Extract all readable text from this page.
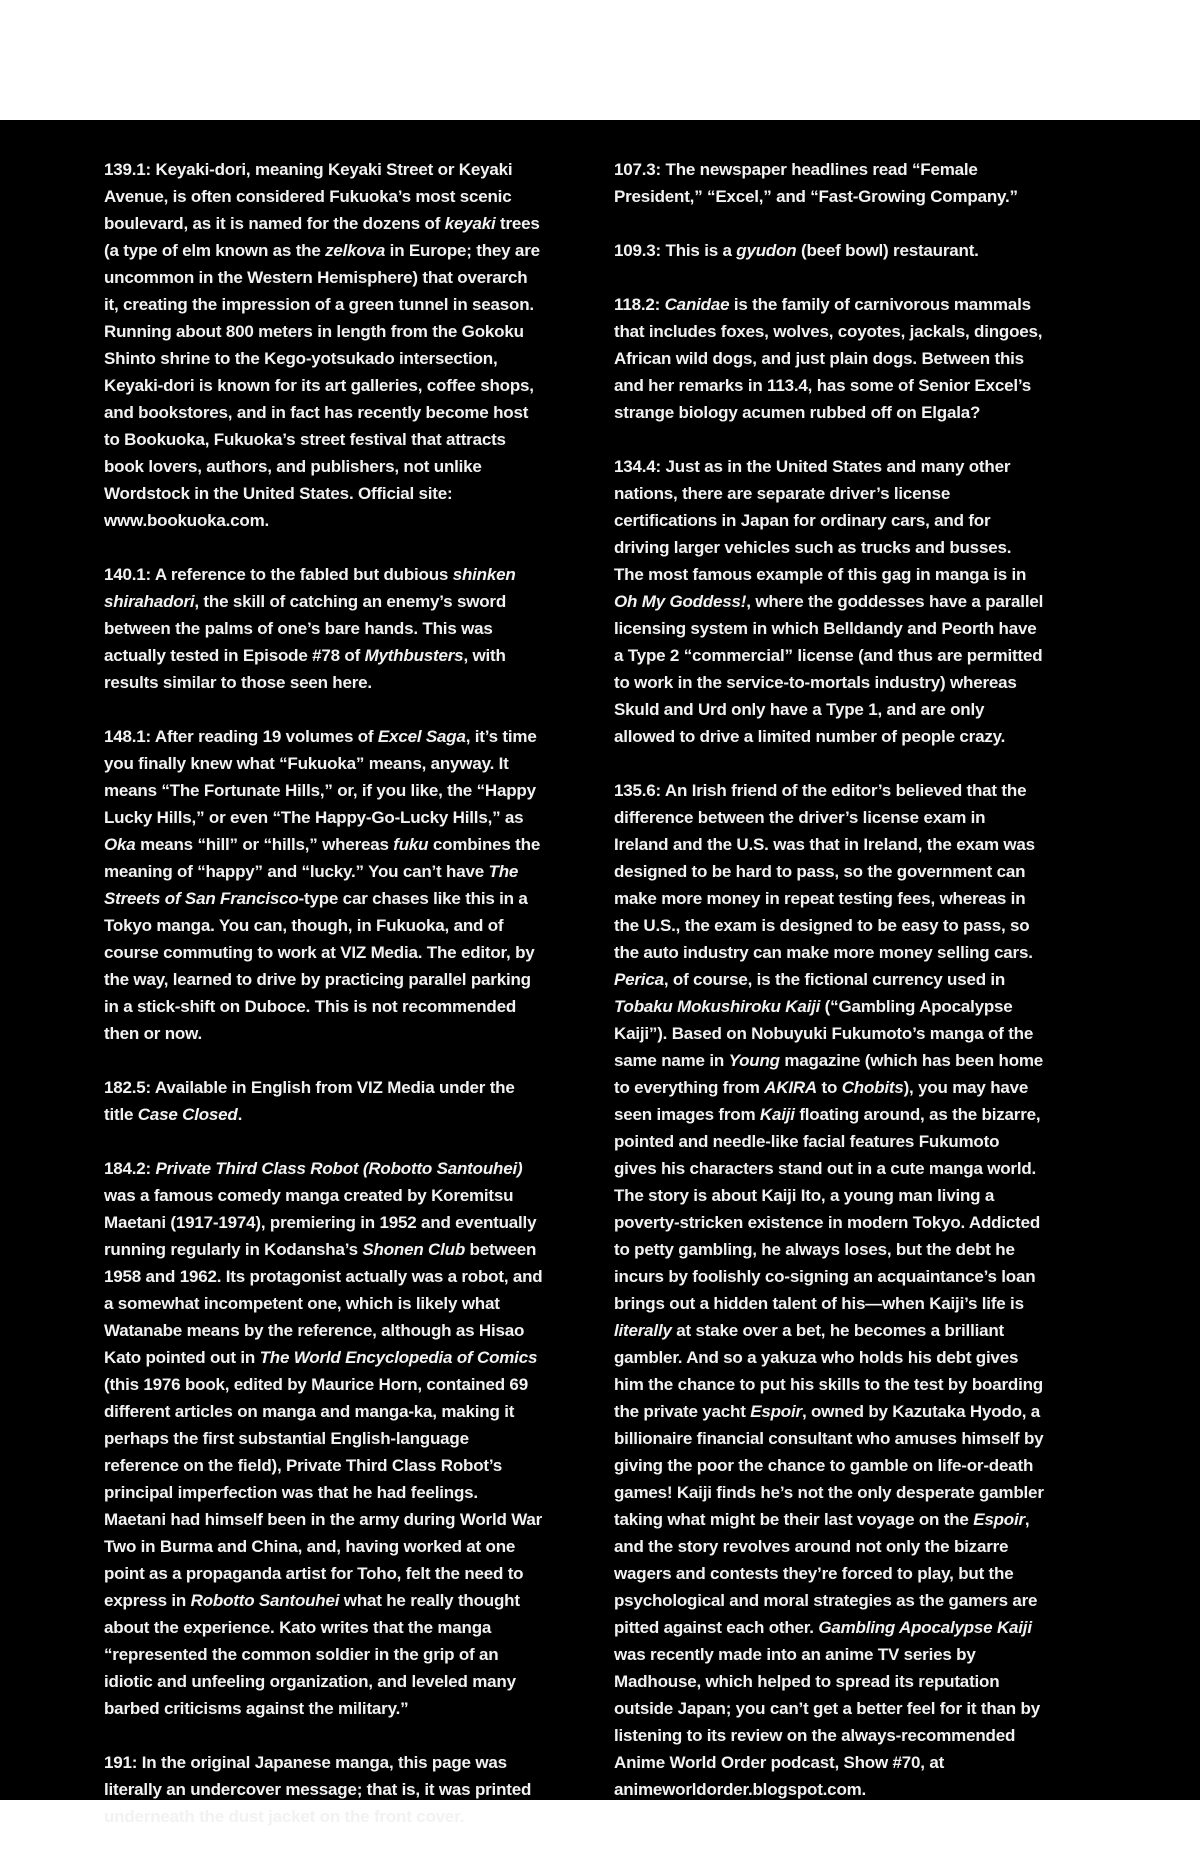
139.1: Keyaki-dori, meaning Keyaki Street or Keyaki Avenue, is often considered Fukuoka’s most scenic boulevard, as it is named for the dozens of keyaki trees (a type of elm known as the zelkova in Europe; they are uncommon in the Western Hemisphere) that overarch it, creating the impression of a green tunnel in season. Running about 800 meters in length from the Gokoku Shinto shrine to the Kego-yotsukado intersection, Keyaki-dori is known for its art galleries, coffee shops, and bookstores, and in fact has recently become host to Bookuoka, Fukuoka’s street festival that attracts book lovers, authors, and publishers, not unlike Wordstock in the United States. Official site: www.bookuoka.com.

140.1: A reference to the fabled but dubious shinken shirahadori, the skill of catching an enemy’s sword between the palms of one’s bare hands. This was actually tested in Episode #78 of Mythbusters, with results similar to those seen here.

148.1: After reading 19 volumes of Excel Saga, it’s time you finally knew what “Fukuoka” means, anyway. It means “The Fortunate Hills,” or, if you like, the “Happy Lucky Hills,” or even “The Happy-Go-Lucky Hills,” as Oka means “hill” or “hills,” whereas fuku combines the meaning of “happy” and “lucky.” You can’t have The Streets of San Francisco-type car chases like this in a Tokyo manga. You can, though, in Fukuoka, and of course commuting to work at VIZ Media. The editor, by the way, learned to drive by practicing parallel parking in a stick-shift on Duboce. This is not recommended then or now.

182.5: Available in English from VIZ Media under the title Case Closed.

184.2: Private Third Class Robot (Robotto Santouhei) was a famous comedy manga created by Koremitsu Maetani (1917-1974), premiering in 1952 and eventually running regularly in Kodansha’s Shonen Club between 1958 and 1962. Its protagonist actually was a robot, and a somewhat incompetent one, which is likely what Watanabe means by the reference, although as Hisao Kato pointed out in The World Encyclopedia of Comics (this 1976 book, edited by Maurice Horn, contained 69 different articles on manga and manga-ka, making it perhaps the first substantial English-language reference on the field), Private Third Class Robot’s principal imperfection was that he had feelings. Maetani had himself been in the army during World War Two in Burma and China, and, having worked at one point as a propaganda artist for Toho, felt the need to express in Robotto Santouhei what he really thought about the experience. Kato writes that the manga “represented the common soldier in the grip of an idiotic and unfeeling organization, and leveled many barbed criticisms against the military.”

191: In the original Japanese manga, this page was literally an undercover message; that is, it was printed underneath the dust jacket on the front cover.

107.3: The newspaper headlines read “Female President,” “Excel,” and “Fast-Growing Company.”

109.3: This is a gyudon (beef bowl) restaurant.

118.2: Canidae is the family of carnivorous mammals that includes foxes, wolves, coyotes, jackals, dingoes, African wild dogs, and just plain dogs. Between this and her remarks in 113.4, has some of Senior Excel’s strange biology acumen rubbed off on Elgala?

134.4: Just as in the United States and many other nations, there are separate driver’s license certifications in Japan for ordinary cars, and for driving larger vehicles such as trucks and busses. The most famous example of this gag in manga is in Oh My Goddess!, where the goddesses have a parallel licensing system in which Belldandy and Peorth have a Type 2 “commercial” license (and thus are permitted to work in the service-to-mortals industry) whereas Skuld and Urd only have a Type 1, and are only allowed to drive a limited number of people crazy.

135.6: An Irish friend of the editor’s believed that the difference between the driver’s license exam in Ireland and the U.S. was that in Ireland, the exam was designed to be hard to pass, so the government can make more money in repeat testing fees, whereas in the U.S., the exam is designed to be easy to pass, so the auto industry can make more money selling cars. Perica, of course, is the fictional currency used in Tobaku Mokushiroku Kaiji (“Gambling Apocalypse Kaiji”). Based on Nobuyuki Fukumoto’s manga of the same name in Young magazine (which has been home to everything from AKIRA to Chobits), you may have seen images from Kaiji floating around, as the bizarre, pointed and needle-like facial features Fukumoto gives his characters stand out in a cute manga world. The story is about Kaiji Ito, a young man living a poverty-stricken existence in modern Tokyo. Addicted to petty gambling, he always loses, but the debt he incurs by foolishly co-signing an acquaintance’s loan brings out a hidden talent of his—when Kaiji’s life is literally at stake over a bet, he becomes a brilliant gambler. And so a yakuza who holds his debt gives him the chance to put his skills to the test by boarding the private yacht Espoir, owned by Kazutaka Hyodo, a billionaire financial consultant who amuses himself by giving the poor the chance to gamble on life-or-death games! Kaiji finds he’s not the only desperate gambler taking what might be their last voyage on the Espoir, and the story revolves around not only the bizarre wagers and contests they’re forced to play, but the psychological and moral strategies as the gamers are pitted against each other. Gambling Apocalypse Kaiji was recently made into an anime TV series by Madhouse, which helped to spread its reputation outside Japan; you can’t get a better feel for it than by listening to its review on the always-recommended Anime World Order podcast, Show #70, at animeworldorder.blogspot.com.
